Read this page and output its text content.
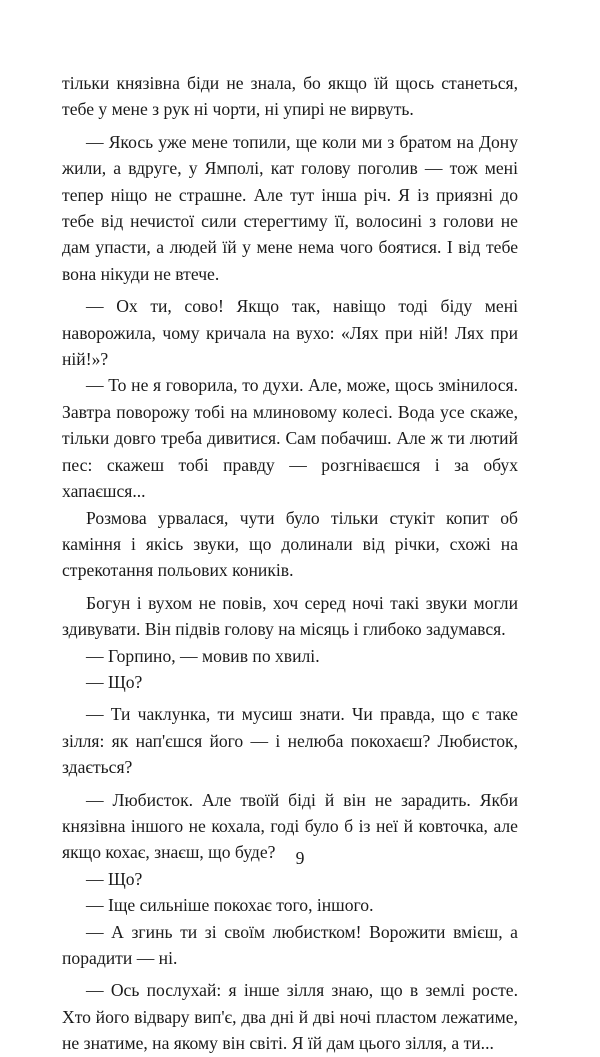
тільки князівна біди не знала, бо якщо їй щось станеться, тебе у мене з рук ні чорти, ні упирі не вирвуть.

— Якось уже мене топили, ще коли ми з братом на Дону жили, а вдруге, у Ямполі, кат голову поголив — тож мені тепер ніщо не страшне. Але тут інша річ. Я із приязні до тебе від нечистої сили стерегтиму її, волосині з голови не дам упасти, а людей їй у мене нема чого боятися. І від тебе вона нікуди не втече.

— Ох ти, сово! Якщо так, навіщо тоді біду мені наворожила, чому кричала на вухо: «Лях при ній! Лях при ній!»?

— То не я говорила, то духи. Але, може, щось змінилося. Завтра поворожу тобі на млиновому колесі. Вода усе скаже, тільки довго треба дивитися. Сам побачиш. Але ж ти лютий пес: скажеш тобі правду — розгніваєшся і за обух хапаєшся...

Розмова урвалася, чути було тільки стукіт копит об каміння і якісь звуки, що долинали від річки, схожі на стрекотання польових коників.

Богун і вухом не повів, хоч серед ночі такі звуки могли здивувати. Він підвів голову на місяць і глибоко задумався.

— Горпино, — мовив по хвилі.

— Що?

— Ти чаклунка, ти мусиш знати. Чи правда, що є таке зілля: як нап'єшся його — і нелюба покохаєш? Любисток, здається?

— Любисток. Але твоїй біді й він не зарадить. Якби князівна іншого не кохала, годі було б із неї й ковточка, але якщо кохає, знаєш, що буде?

— Що?

— Іще сильніше покохає того, іншого.

— А згинь ти зі своїм любистком! Ворожити вмієш, а порадити — ні.

— Ось послухай: я інше зілля знаю, що в землі росте. Хто його відвару вип'є, два дні й дві ночі пластом лежатиме, не знатиме, на якому він світі. Я їй дам цього зілля, а ти...

9
